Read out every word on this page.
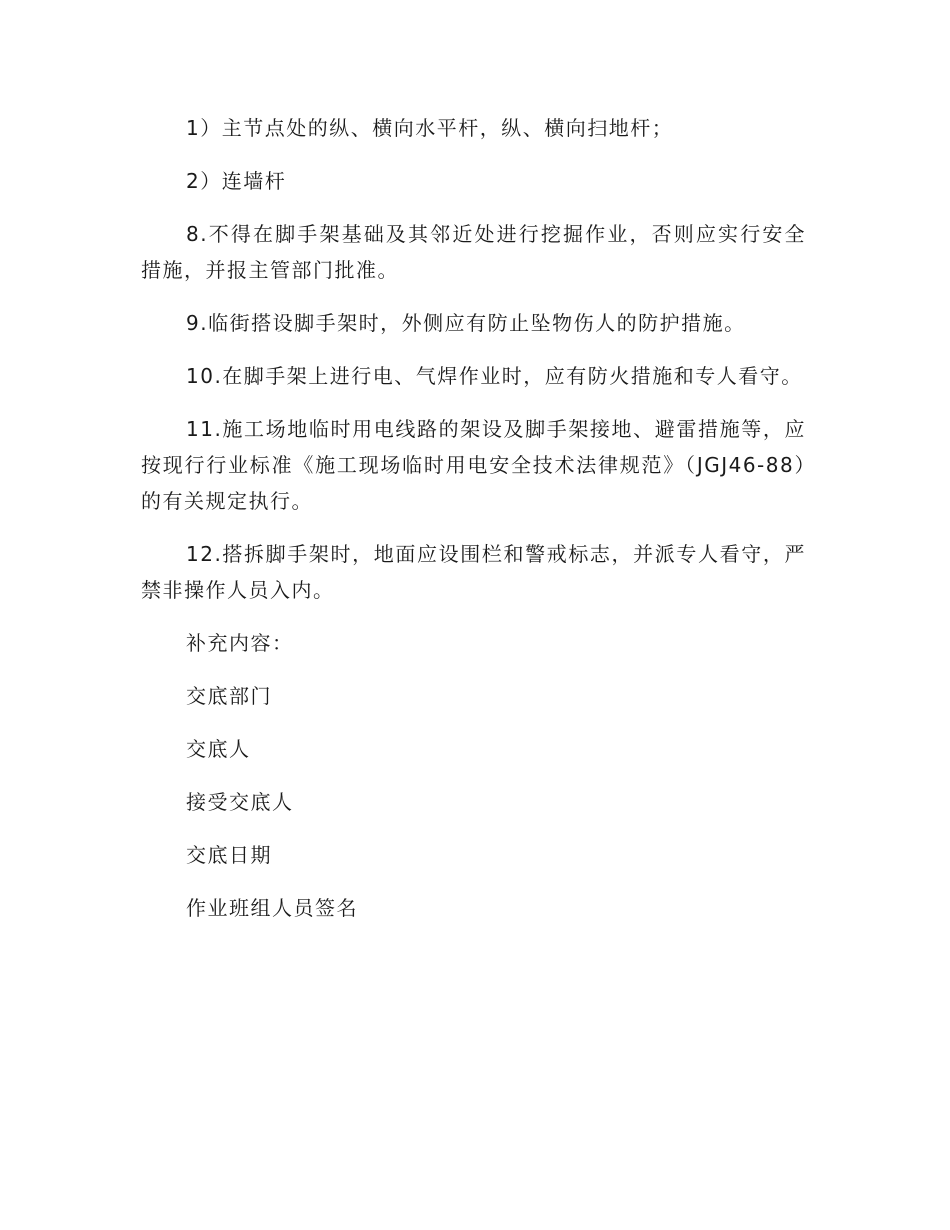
1）主节点处的纵、横向水平杆，纵、横向扫地杆；

2）连墙杆

8.不得在脚手架基础及其邻近处进行挖掘作业，否则应实行安全措施，并报主管部门批准。

9.临街搭设脚手架时，外侧应有防止坠物伤人的防护措施。

10.在脚手架上进行电、气焊作业时，应有防火措施和专人看守。

11.施工场地临时用电线路的架设及脚手架接地、避雷措施等，应按现行行业标准《施工现场临时用电安全技术法律规范》（JGJ46-88）的有关规定执行。

12.搭拆脚手架时，地面应设围栏和警戒标志，并派专人看守，严禁非操作人员入内。

补充内容：

交底部门

交底人

接受交底人

交底日期

作业班组人员签名
